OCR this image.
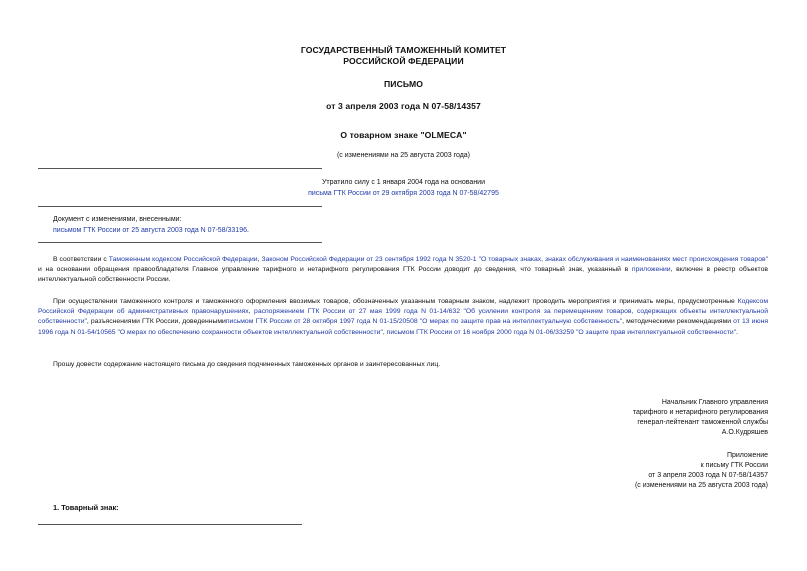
ГОСУДАРСТВЕННЫЙ ТАМОЖЕННЫЙ КОМИТЕТ
РОССИЙСКОЙ ФЕДЕРАЦИИ
ПИСЬМО
от 3 апреля 2003 года N 07-58/14357
О товарном знаке "OLMECA"
(с изменениями на 25 августа 2003 года)
Утратило силу с 1 января 2004 года на основании
письма ГТК России от 29 октября 2003 года N 07-58/42795
Документ с изменениями, внесенными:
письмом ГТК России от 25 августа 2003 года N 07-58/33196.
В соответствии с Таможенным кодексом Российской Федерации, Законом Российской Федерации от 23 сентября 1992 года N 3520-1 "О товарных знаках, знаках обслуживания и наименованиях мест происхождения товаров" и на основании обращения правообладателя Главное управление тарифного и нетарифного регулирования ГТК России доводит до сведения, что товарный знак, указанный в приложении, включен в реестр объектов интеллектуальной собственности России.
При осуществлении таможенного контроля и таможенного оформления ввозимых товаров, обозначенных указанным товарным знаком, надлежит проводить мероприятия и принимать меры, предусмотренные Кодексом Российской Федерации об административных правонарушениях, распоряжением ГТК России от 27 мая 1999 года N 01-14/632 "Об усилении контроля за перемещением товаров, содержащих объекты интеллектуальной собственности", разъяснениями ГТК России, доведеннымиписьмом ГТК России от 28 октября 1997 года N 01-15/20508 "О мерах по защите прав на интеллектуальную собственность", методическими рекомендациями от 13 июня 1996 года N 01-54/10565 "О мерах по обеспечению сохранности объектов интеллектуальной собственности", письмом ГТК России от 16 ноября 2000 года N 01-06/33259 "О защите прав интеллектуальной собственности".
Прошу довести содержание настоящего письма до сведения подчиненных таможенных органов и заинтересованных лиц.
Начальник Главного управления
тарифного и нетарифного регулирования
генерал-лейтенант таможенной службы
А.О.Кудряшев
Приложение
к письму ГТК России
от 3 апреля 2003 года N 07-58/14357
(с изменениями на 25 августа 2003 года)
1. Товарный знак:
